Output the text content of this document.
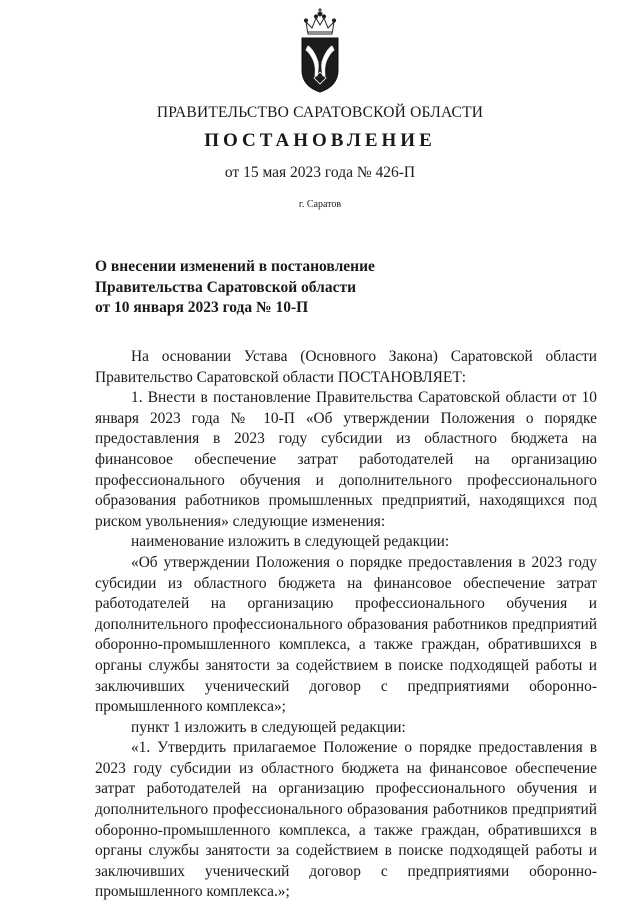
ПРАВИТЕЛЬСТВО САРАТОВСКОЙ ОБЛАСТИ
ПОСТАНОВЛЕНИЕ
от 15 мая 2023 года № 426-П
г. Саратов
О внесении изменений в постановление
Правительства Саратовской области
от 10 января 2023 года № 10-П

На основании Устава (Основного Закона) Саратовской области Правительство Саратовской области ПОСТАНОВЛЯЕТ:

1. Внести в постановление Правительства Саратовской области от 10 января 2023 года № 10-П «Об утверждении Положения о порядке предоставления в 2023 году субсидии из областного бюджета на финансовое обеспечение затрат работодателей на организацию профессионального обучения и дополнительного профессионального образования работников промышленных предприятий, находящихся под риском увольнения» следующие изменения:

наименование изложить в следующей редакции:

«Об утверждении Положения о порядке предоставления в 2023 году субсидии из областного бюджета на финансовое обеспечение затрат работодателей на организацию профессионального обучения и дополнительного профессионального образования работников предприятий оборонно-промышленного комплекса, а также граждан, обратившихся в органы службы занятости за содействием в поиске подходящей работы и заключивших ученический договор с предприятиями оборонно-промышленного комплекса»;

пункт 1 изложить в следующей редакции:

«1. Утвердить прилагаемое Положение о порядке предоставления в 2023 году субсидии из областного бюджета на финансовое обеспечение затрат работодателей на организацию профессионального обучения и дополнительного профессионального образования работников предприятий оборонно-промышленного комплекса, а также граждан, обратившихся в органы службы занятости за содействием в поиске подходящей работы и заключивших ученический договор с предприятиями оборонно-промышленного комплекса.»;
